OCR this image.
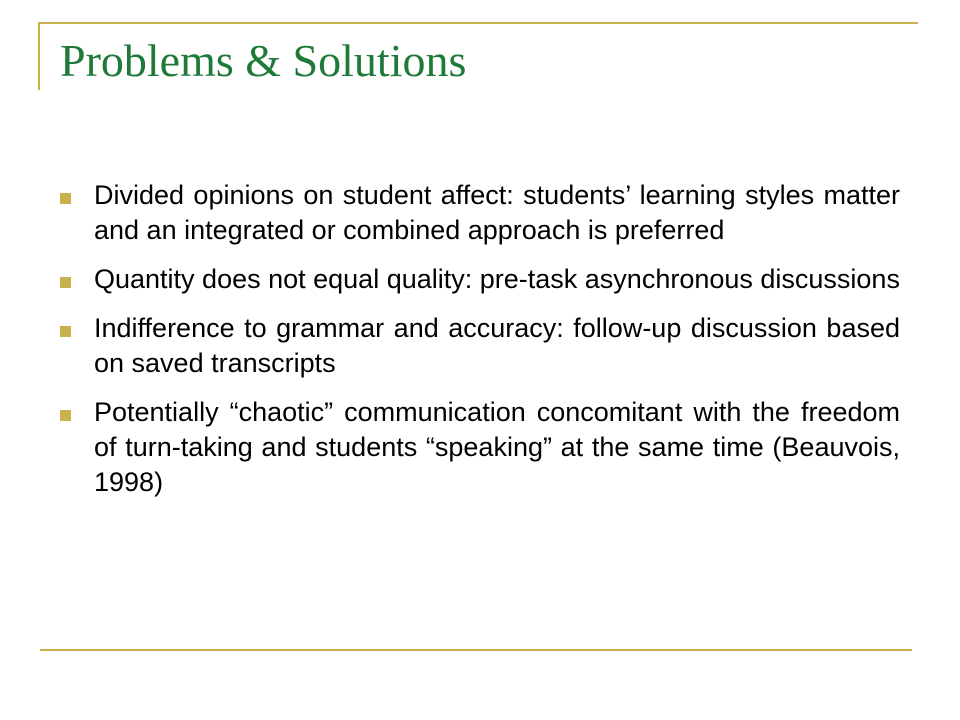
Problems & Solutions
Divided opinions on student affect: students’ learning styles matter and an integrated or combined approach is preferred
Quantity does not equal quality: pre-task asynchronous discussions
Indifference to grammar and accuracy: follow-up discussion based on saved transcripts
Potentially “chaotic” communication concomitant with the freedom of turn-taking and students “speaking” at the same time (Beauvois, 1998)
